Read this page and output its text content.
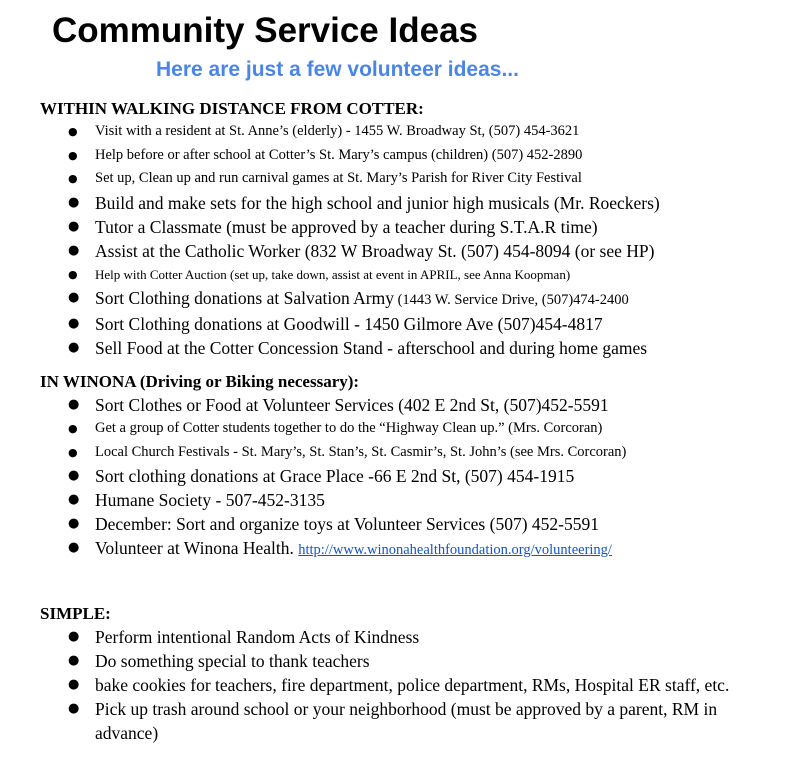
Community Service Ideas
Here are just a few volunteer ideas...

WITHIN WALKING DISTANCE FROM COTTER:

● Visit with a resident at St. Anne’s (elderly) - 1455 W. Broadway St, (507) 454-3621
● Help before or after school at Cotter’s St. Mary’s campus (children) (507) 452-2890
● Set up, Clean up and run carnival games at St. Mary’s Parish for River City Festival
● Build and make sets for the high school and junior high musicals (Mr. Roeckers)
● Tutor a Classmate (must be approved by a teacher during S.T.A.R time)
● Assist at the Catholic Worker (832 W Broadway St. (507) 454-8094 (or see HP)
● Help with Cotter Auction (set up, take down, assist at event in APRIL, see Anna Koopman)
● Sort Clothing donations at Salvation Army (1443 W. Service Drive, (507)474-2400
● Sort Clothing donations at Goodwill - 1450 Gilmore Ave (507)454-4817
● Sell Food at the Cotter Concession Stand - afterschool and during home games

IN WINONA (Driving or Biking necessary):

● Sort Clothes or Food at Volunteer Services (402 E 2nd St, (507)452-5591
● Get a group of Cotter students together to do the “Highway Clean up.” (Mrs. Corcoran)
● Local Church Festivals - St. Mary’s, St. Stan’s, St. Casmir’s, St. John’s (see Mrs. Corcoran)
● Sort clothing donations at Grace Place -66 E 2nd St, (507) 454-1915
● Humane Society - 507-452-3135
● December: Sort and organize toys at Volunteer Services (507) 452-5591
● Volunteer at Winona Health. http://www.winonahealthfoundation.org/volunteering/

SIMPLE:

● Perform intentional Random Acts of Kindness
● Do something special to thank teachers
● bake cookies for teachers, fire department, police department, RMs, Hospital ER staff, etc.
● Pick up trash around school or your neighborhood (must be approved by a parent, RM in advance)
